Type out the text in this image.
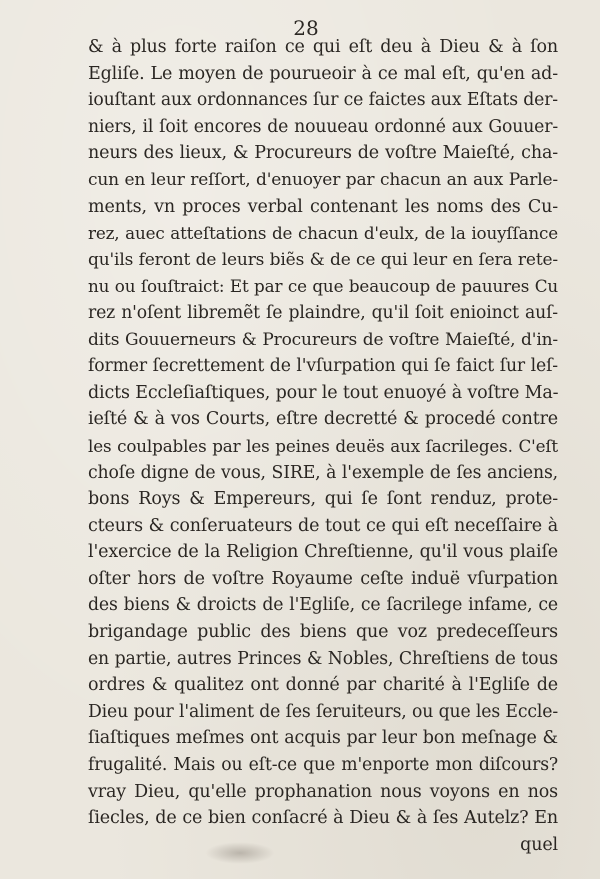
28
& à plus forte raiſon ce qui eſt deu à Dieu & à ſon
Egliſe. Le moyen de pourueoir à ce mal eſt, qu'en ad-
iouſtant aux ordonnances ſur ce faictes aux Eſtats der-
niers, il ſoit encores de nouueau ordonné aux Gouuer-
neurs des lieux, & Procureurs de voſtre Maieſté, cha-
cun en leur reſſort, d'enuoyer par chacun an aux Parle-
ments, vn proces verbal contenant les noms des Cu-
rez, auec atteſtations de chacun d'eulx, de la iouyſſance
qu'ils feront de leurs biẽs & de ce qui leur en ſera rete-
nu ou ſouſtraict: Et par ce que beaucoup de pauures Cu
rez n'oſent libremẽt ſe plaindre, qu'il ſoit enioinct auſ-
dits Gouuerneurs & Procureurs de voſtre Maieſté, d'in-
former ſecrettement de l'vſurpation qui ſe faict ſur leſ-
dicts Eccleſiaſtiques, pour le tout enuoyé à voſtre Ma-
ieſté & à vos Courts, eſtre decretté & procedé contre
les coulpables par les peines deuës aux ſacrileges. C'eſt
choſe digne de vous, SIRE, à l'exemple de ſes anciens,
bons Roys & Empereurs, qui ſe ſont renduz, prote-
cteurs & conſeruateurs de tout ce qui eſt neceſſaire à
l'exercice de la Religion Chreſtienne, qu'il vous plaiſe
oſter hors de voſtre Royaume ceſte induë vſurpation
des biens & droicts de l'Egliſe, ce ſacrilege infame, ce
brigandage public des biens que voz predeceſſeurs
en partie, autres Princes & Nobles, Chreſtiens de tous
ordres & qualitez ont donné par charité à l'Egliſe de
Dieu pour l'aliment de ſes ſeruiteurs, ou que les Eccle-
ſiaſtiques meſmes ont acquis par leur bon meſnage &
frugalité. Mais ou eſt-ce que m'enporte mon diſcours?
vray Dieu, qu'elle prophanation nous voyons en nos
ſiecles, de ce bien conſacré à Dieu & à ſes Autelz? En
quel
